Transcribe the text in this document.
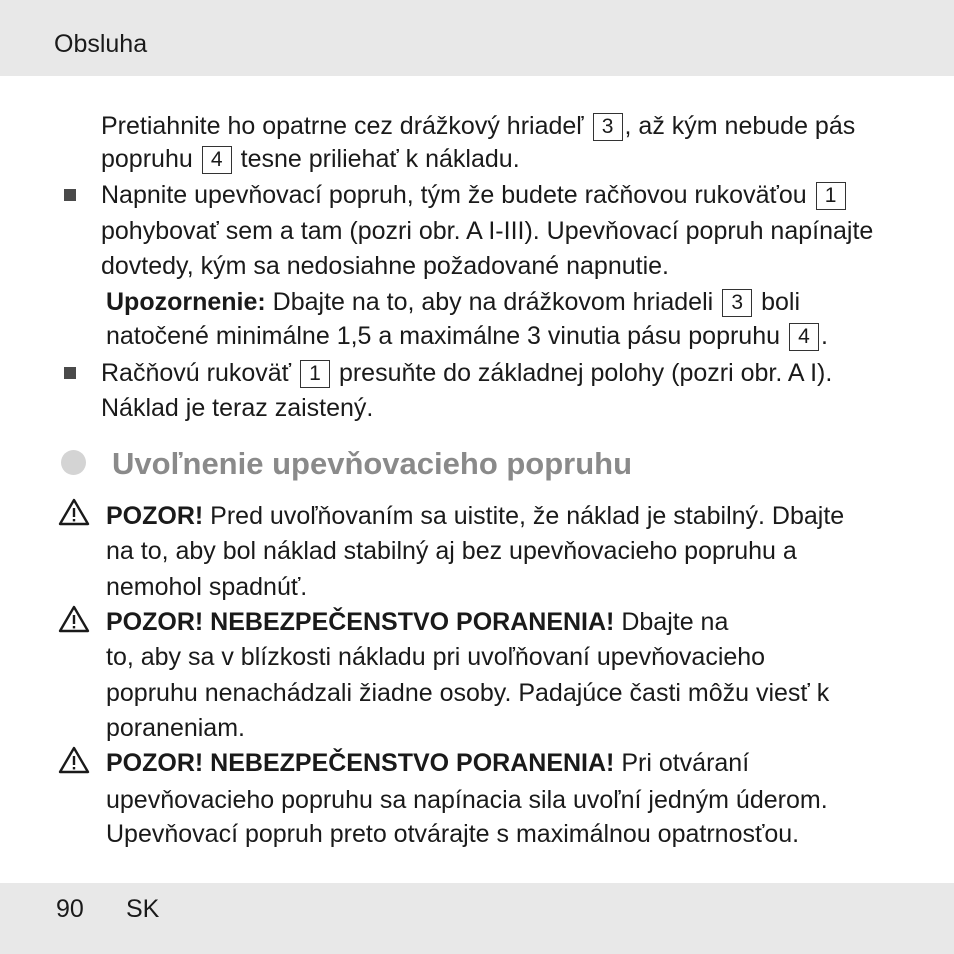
Obsluha
Pretiahnite ho opatrne cez drážkový hriadeľ 3 , až kým nebude pás
popruhu 4 tesne priliehať k nákladu.
Napnite upevňovací popruh, tým že budete račňovou rukoväťou 1
pohybovať sem a tam (pozri obr. A I-III). Upevňovací popruh napínajte
dovtedy, kým sa nedosiahne požadované napnutie.
Upozornenie: Dbajte na to, aby na drážkovom hriadeli 3 boli
natočené minimálne 1,5 a maximálne 3 vinutia pásu popruhu 4 .
Račňovú rukoväť 1 presuňte do základnej polohy (pozri obr. A I).
Náklad je teraz zaistený.
Uvoľnenie upevňovacieho popruhu
POZOR! Pred uvoľňovaním sa uistite, že náklad je stabilný. Dbajte
na to, aby bol náklad stabilný aj bez upevňovacieho popruhu a
nemohol spadnúť.
POZOR! NEBEZPEČENSTVO PORANENIA! Dbajte na
to, aby sa v blízkosti nákladu pri uvoľňovaní upevňovacieho
popruhu nenachádzali žiadne osoby. Padajúce časti môžu viesť k
poraneniam.
POZOR! NEBEZPEČENSTVO PORANENIA! Pri otváraní
upevňovacieho popruhu sa napínacia sila uvoľní jedným úderom.
Upevňovací popruh preto otvárajte s maximálnou opatrnosťou.
90 SK
